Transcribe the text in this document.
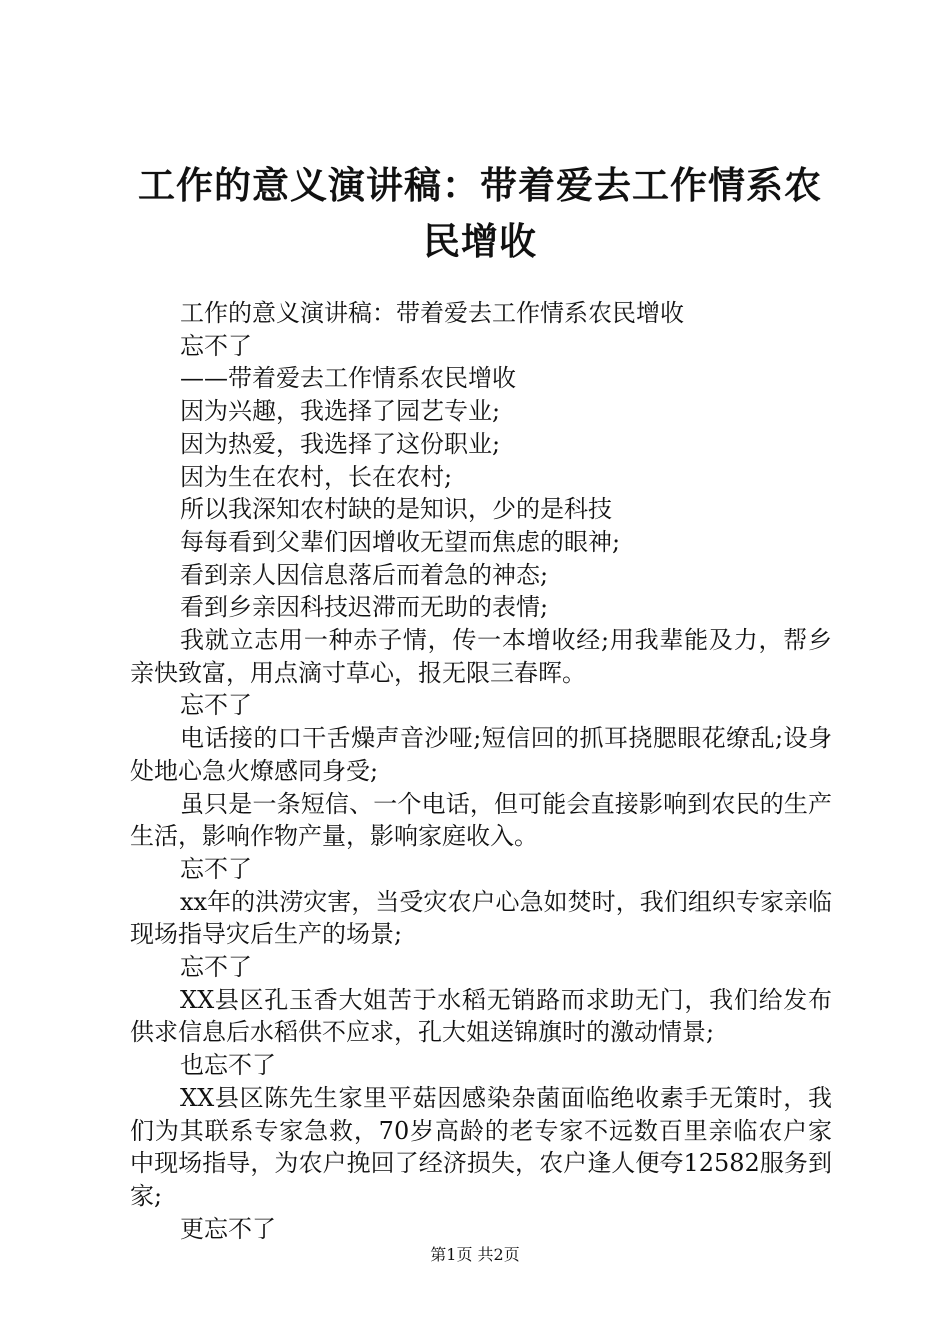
工作的意义演讲稿：带着爱去工作情系农民增收

工作的意义演讲稿：带着爱去工作情系农民增收

忘不了

——带着爱去工作情系农民增收

因为兴趣，我选择了园艺专业;

因为热爱，我选择了这份职业;

因为生在农村，长在农村;

所以我深知农村缺的是知识，少的是科技

每每看到父辈们因增收无望而焦虑的眼神;

看到亲人因信息落后而着急的神态;

看到乡亲因科技迟滞而无助的表情;

我就立志用一种赤子情，传一本增收经;用我辈能及力，帮乡亲快致富，用点滴寸草心，报无限三春晖。

忘不了

电话接的口干舌燥声音沙哑;短信回的抓耳挠腮眼花缭乱;设身处地心急火燎感同身受;

虽只是一条短信、一个电话，但可能会直接影响到农民的生产生活，影响作物产量，影响家庭收入。

忘不了

xx年的洪涝灾害，当受灾农户心急如焚时，我们组织专家亲临现场指导灾后生产的场景;

忘不了

XX县区孔玉香大姐苦于水稻无销路而求助无门，我们给发布供求信息后水稻供不应求，孔大姐送锦旗时的激动情景;

也忘不了

XX县区陈先生家里平菇因感染杂菌面临绝收素手无策时，我们为其联系专家急救，70岁高龄的老专家不远数百里亲临农户家中现场指导，为农户挽回了经济损失，农户逢人便夸12582服务到家;

更忘不了

第1页 共2页
